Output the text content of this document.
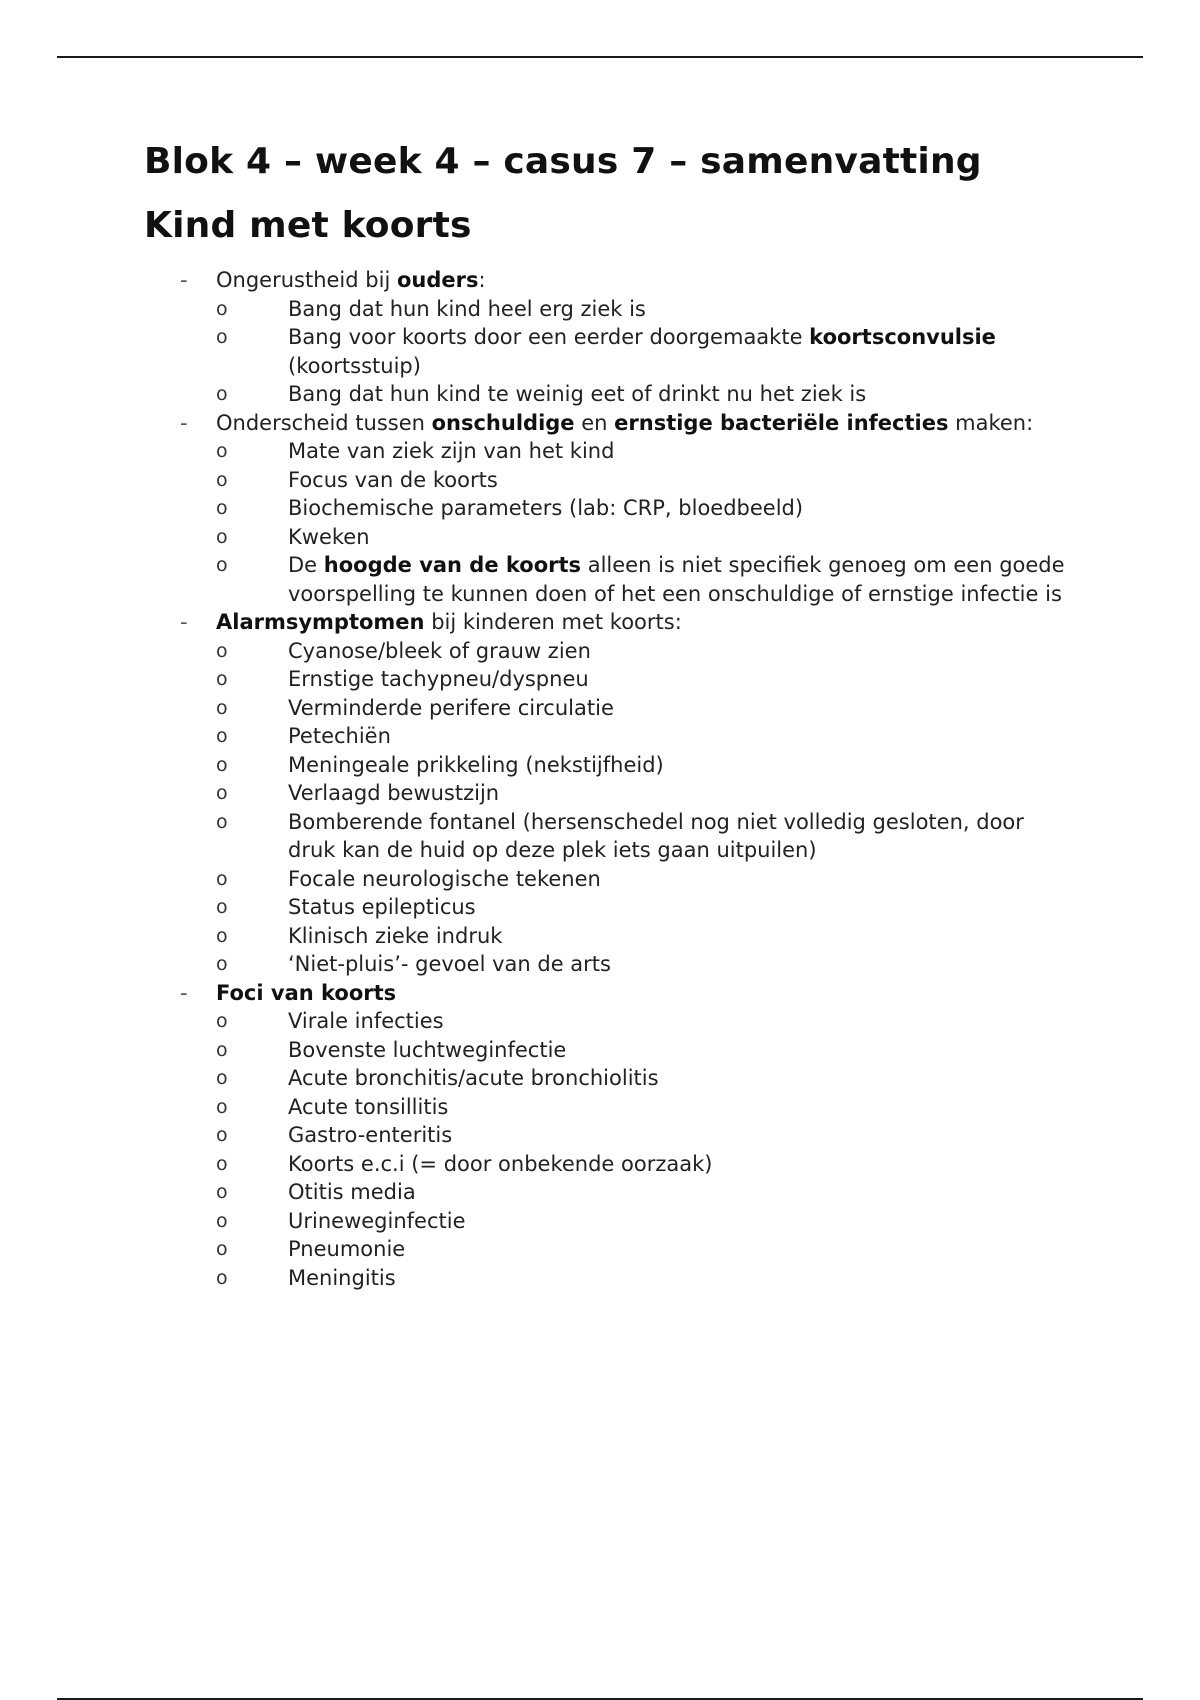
Blok 4 – week 4 – casus 7 – samenvatting
Kind met koorts
- Ongerustheid bij ouders:
o	Bang dat hun kind heel erg ziek is
o	Bang voor koorts door een eerder doorgemaakte koortsconvulsie (koortsstuip)
o	Bang dat hun kind te weinig eet of drinkt nu het ziek is
- Onderscheid tussen onschuldige en ernstige bacteriële infecties maken:
o	Mate van ziek zijn van het kind
o	Focus van de koorts
o	Biochemische parameters (lab: CRP, bloedbeeld)
o	Kweken
o	De hoogde van de koorts alleen is niet specifiek genoeg om een goede voorspelling te kunnen doen of het een onschuldige of ernstige infectie is
- Alarmsymptomen bij kinderen met koorts:
o	Cyanose/bleek of grauw zien
o	Ernstige tachypneu/dyspneu
o	Verminderde perifere circulatie
o	Petechiën
o	Meningeale prikkeling (nekstijfheid)
o	Verlaagd bewustzijn
o	Bomberende fontanel (hersenschedel nog niet volledig gesloten, door druk kan de huid op deze plek iets gaan uitpuilen)
o	Focale neurologische tekenen
o	Status epilepticus
o	Klinisch zieke indruk
o	‘Niet-pluis’- gevoel van de arts
- Foci van koorts
o	Virale infecties
o	Bovenste luchtweginfectie
o	Acute bronchitis/acute bronchiolitis
o	Acute tonsillitis
o	Gastro-enteritis
o	Koorts e.c.i (= door onbekende oorzaak)
o	Otitis media
o	Urineweginfectie
o	Pneumonie
o	Meningitis
